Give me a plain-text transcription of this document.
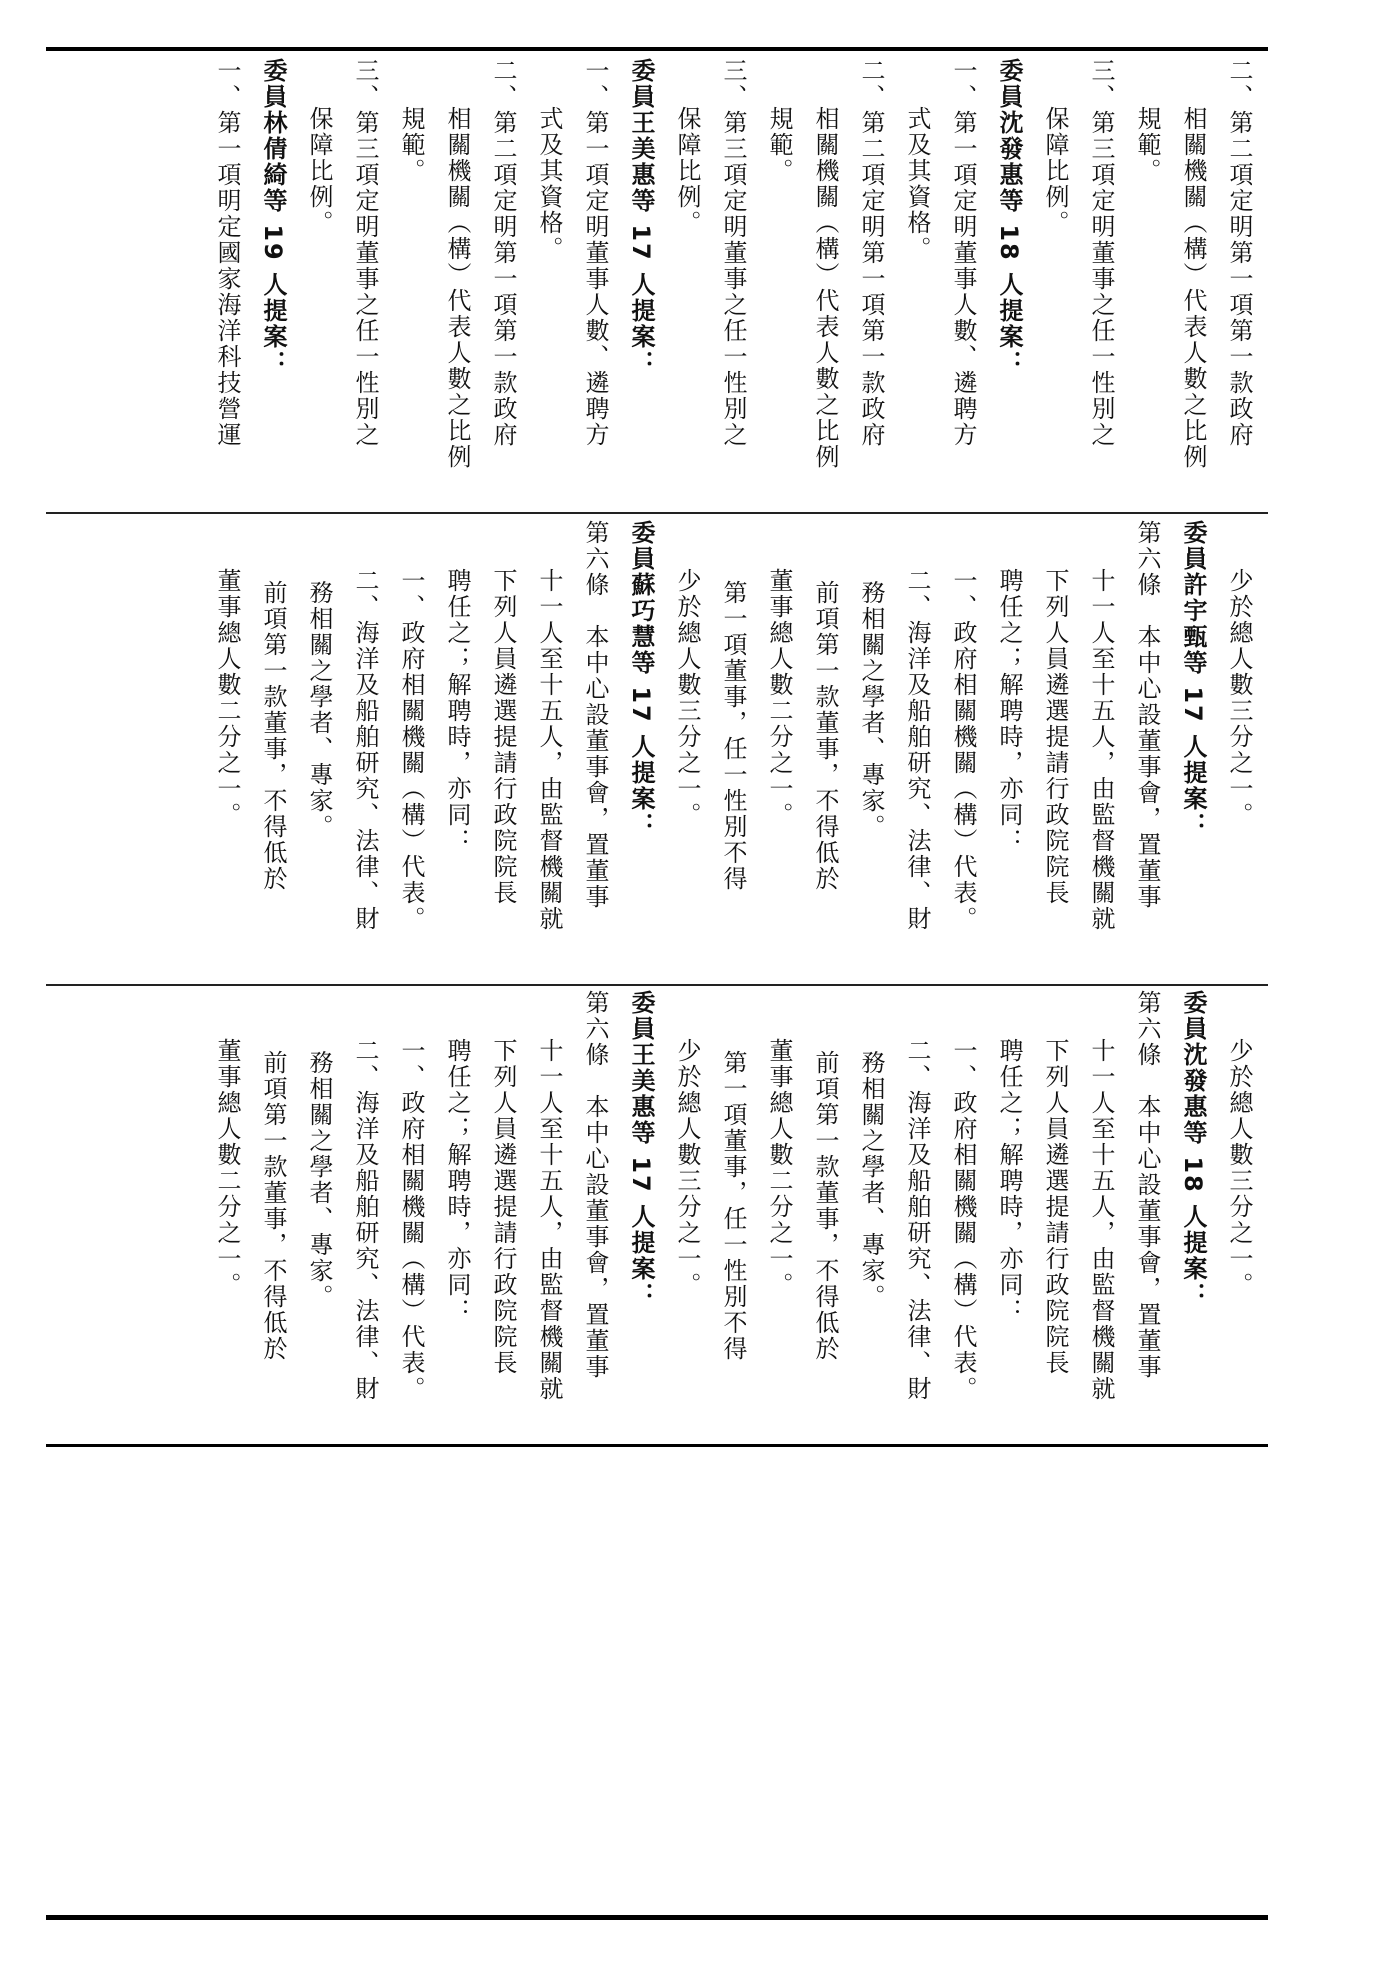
二、第二項定明第一項第一款政府
相關機關（構）代表人數之比例
規範。
三、第三項定明董事之任一性別之
保障比例。
委員沈發惠等 18 人提案：
一、第一項定明董事人數、遴聘方
式及其資格。
二、第二項定明第一項第一款政府
相關機關（構）代表人數之比例
規範。
三、第三項定明董事之任一性別之
保障比例。
委員王美惠等 17 人提案：
一、第一項定明董事人數、遴聘方
式及其資格。
二、第二項定明第一項第一款政府
相關機關（構）代表人數之比例
規範。
三、第三項定明董事之任一性別之
保障比例。
委員林倩綺等 19 人提案：
一、第一項明定國家海洋科技營運
少於總人數三分之一。
委員許宇甄等 17 人提案：
第六條　本中心設董事會，置董事
十一人至十五人，由監督機關就
下列人員遴選提請行政院院長
聘任之；解聘時，亦同：
一、政府相關機關（構）代表。
二、海洋及船舶研究、法律、財
務相關之學者、專家。
前項第一款董事，不得低於
董事總人數二分之一。
第一項董事，任一性別不得
少於總人數三分之一。
委員蘇巧慧等 17 人提案：
第六條　本中心設董事會，置董事
十一人至十五人，由監督機關就
下列人員遴選提請行政院院長
聘任之；解聘時，亦同：
一、政府相關機關（構）代表。
二、海洋及船舶研究、法律、財
務相關之學者、專家。
前項第一款董事，不得低於
董事總人數二分之一。
少於總人數三分之一。
委員沈發惠等 18 人提案：
第六條　本中心設董事會，置董事
十一人至十五人，由監督機關就
下列人員遴選提請行政院院長
聘任之；解聘時，亦同：
一、政府相關機關（構）代表。
二、海洋及船舶研究、法律、財
務相關之學者、專家。
前項第一款董事，不得低於
董事總人數二分之一。
第一項董事，任一性別不得
少於總人數三分之一。
委員王美惠等 17 人提案：
第六條　本中心設董事會，置董事
十一人至十五人，由監督機關就
下列人員遴選提請行政院院長
聘任之；解聘時，亦同：
一、政府相關機關（構）代表。
二、海洋及船舶研究、法律、財
務相關之學者、專家。
前項第一款董事，不得低於
董事總人數二分之一。
